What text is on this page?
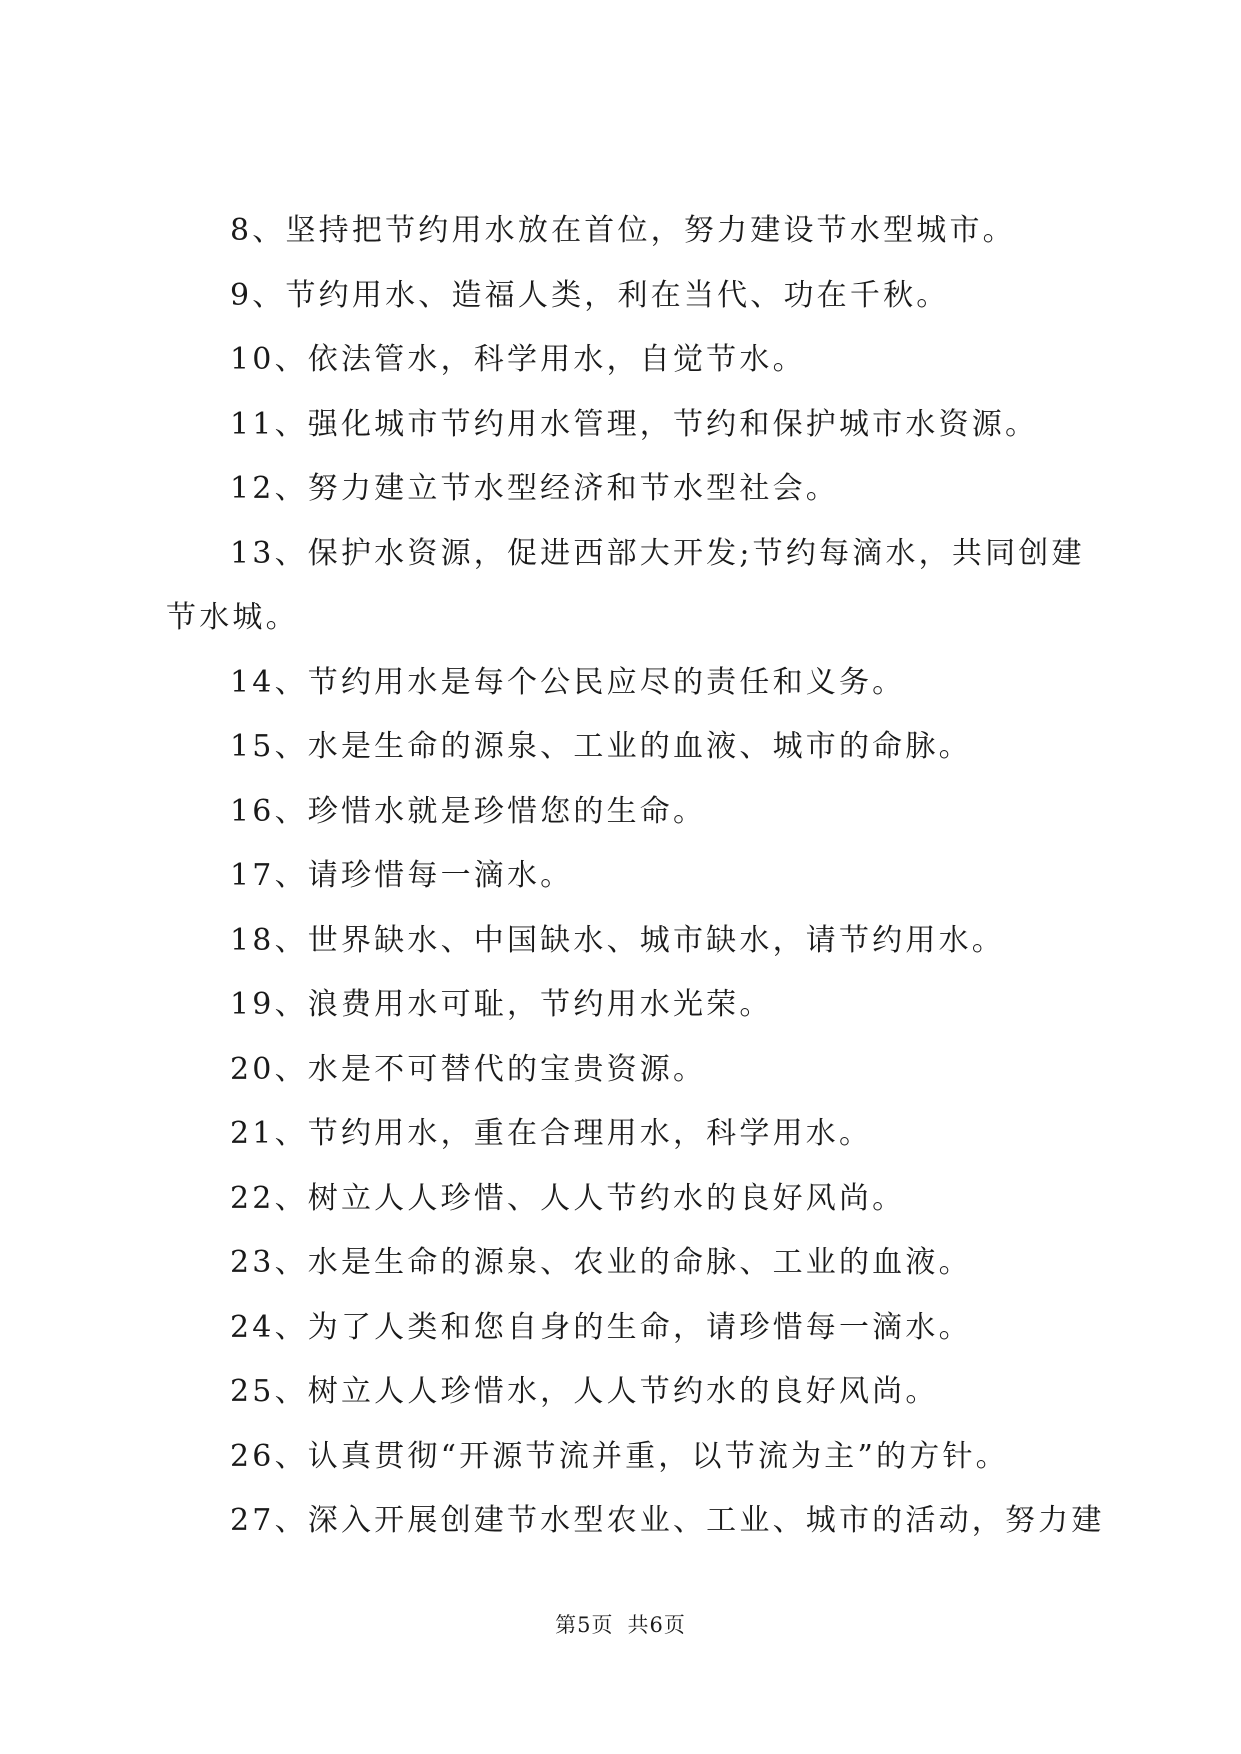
8、坚持把节约用水放在首位，努力建设节水型城市。
9、节约用水、造福人类，利在当代、功在千秋。
10、依法管水，科学用水，自觉节水。
11、强化城市节约用水管理，节约和保护城市水资源。
12、努力建立节水型经济和节水型社会。
13、保护水资源，促进西部大开发;节约每滴水，共同创建
节水城。
14、节约用水是每个公民应尽的责任和义务。
15、水是生命的源泉、工业的血液、城市的命脉。
16、珍惜水就是珍惜您的生命。
17、请珍惜每一滴水。
18、世界缺水、中国缺水、城市缺水，请节约用水。
19、浪费用水可耻，节约用水光荣。
20、水是不可替代的宝贵资源。
21、节约用水，重在合理用水，科学用水。
22、树立人人珍惜、人人节约水的良好风尚。
23、水是生命的源泉、农业的命脉、工业的血液。
24、为了人类和您自身的生命，请珍惜每一滴水。
25、树立人人珍惜水，人人节约水的良好风尚。
26、认真贯彻“开源节流并重，以节流为主”的方针。
27、深入开展创建节水型农业、工业、城市的活动，努力建
第5页 共6页
